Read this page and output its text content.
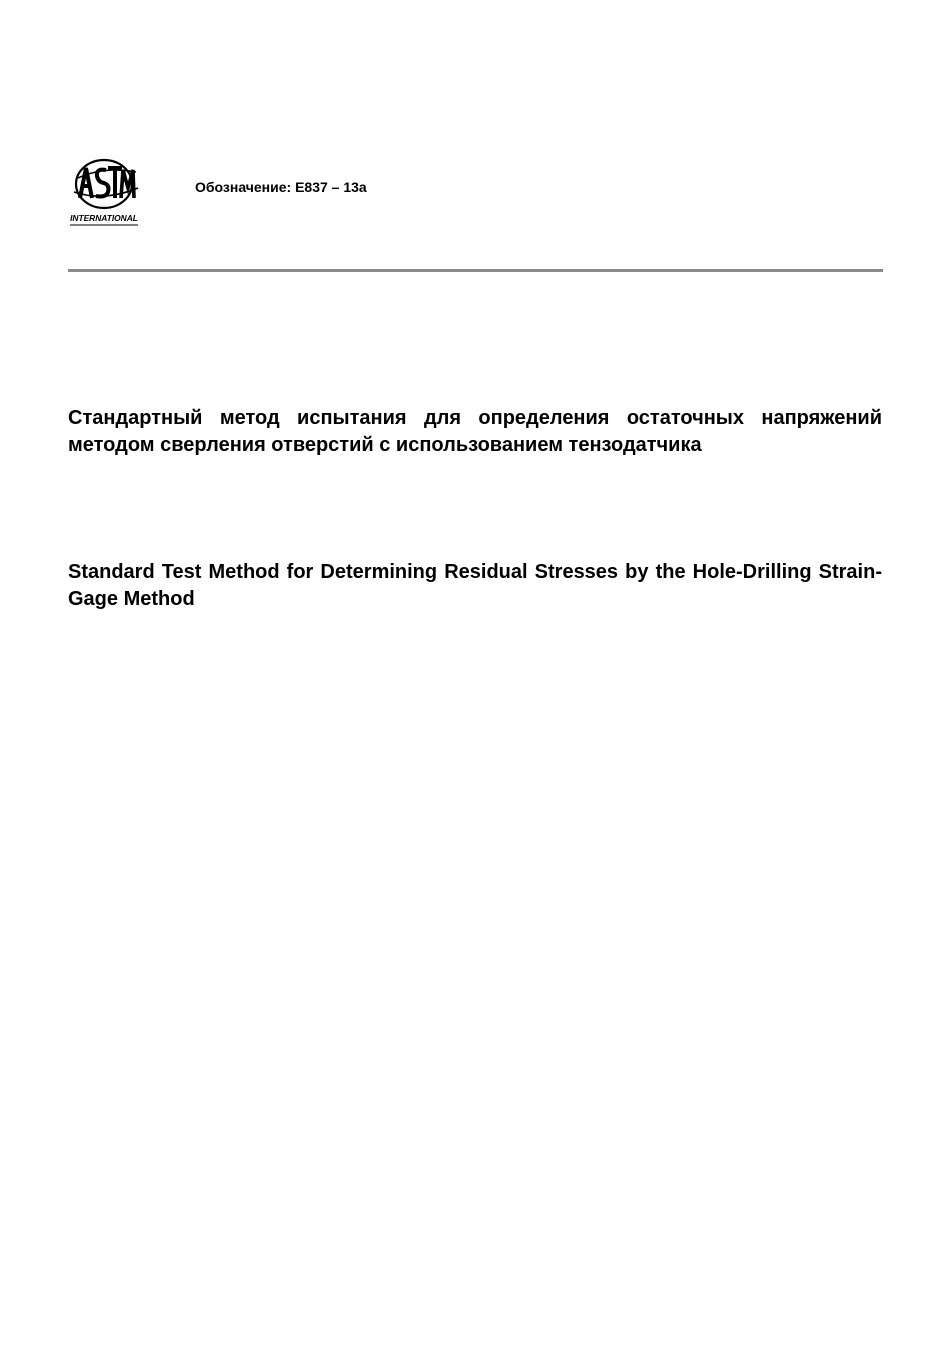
INTERNATIONAL
Обозначение: E837 – 13a

Стандартный метод испытания для определения остаточных напряжений методом сверления отверстий с использованием тензодатчика

Standard Test Method for Determining Residual Stresses by the Hole-Drilling Strain-Gage Method
